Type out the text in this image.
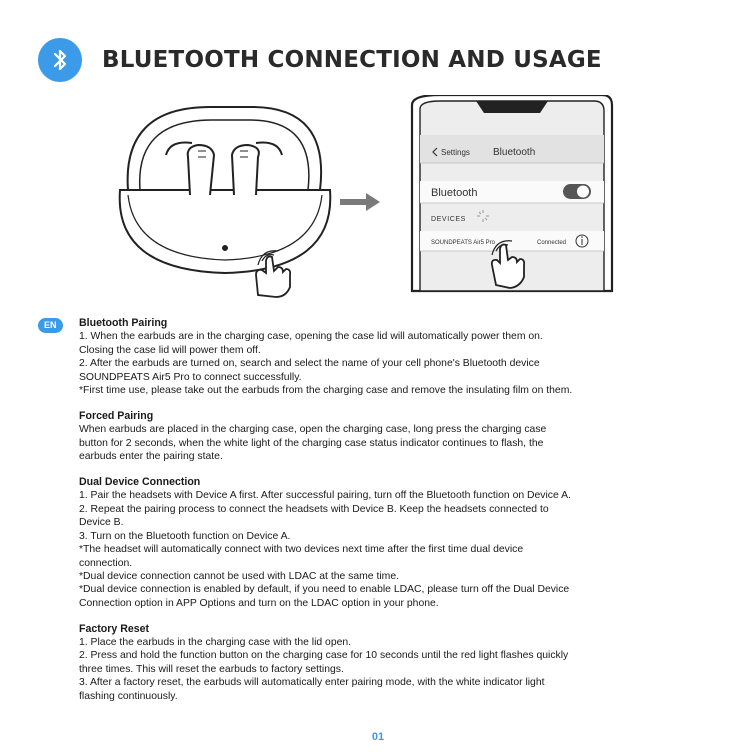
BLUETOOTH CONNECTION AND USAGE
Settings Bluetooth
Bluetooth
DEVICES
SOUNDPEATS Air5 Pro	Connected
EN	Bluetooth Pairing

1. When the earbuds are in the charging case, opening the case lid will automatically power them on.

Closing the case lid will power them off.

2. After the earbuds are turned on, search and select the name of your cell phone's Bluetooth device

SOUNDPEATS Air5 Pro to connect successfully.

*First time use, please take out the earbuds from the charging case and remove the insulating film on them.

Forced Pairing

When earbuds are placed in the charging case, open the charging case, long press the charging case

button for 2 seconds, when the white light of the charging case status indicator continues to flash, the

earbuds enter the pairing state.

Dual Device Connection

1. Pair the headsets with Device A first. After successful pairing, turn off the Bluetooth function on Device A.

2. Repeat the pairing process to connect the headsets with Device B. Keep the headsets connected to

Device B.

3. Turn on the Bluetooth function on Device A.

*The headset will automatically connect with two devices next time after the first time dual device

connection.

*Dual device connection cannot be used with LDAC at the same time.

*Dual device connection is enabled by default, if you need to enable LDAC, please turn off the Dual Device

Connection option in APP Options and turn on the LDAC option in your phone.

Factory Reset

1. Place the earbuds in the charging case with the lid open.

2. Press and hold the function button on the charging case for 10 seconds until the red light flashes quickly

three times. This will reset the earbuds to factory settings.

3. After a factory reset, the earbuds will automatically enter pairing mode, with the white indicator light

flashing continuously.

01
